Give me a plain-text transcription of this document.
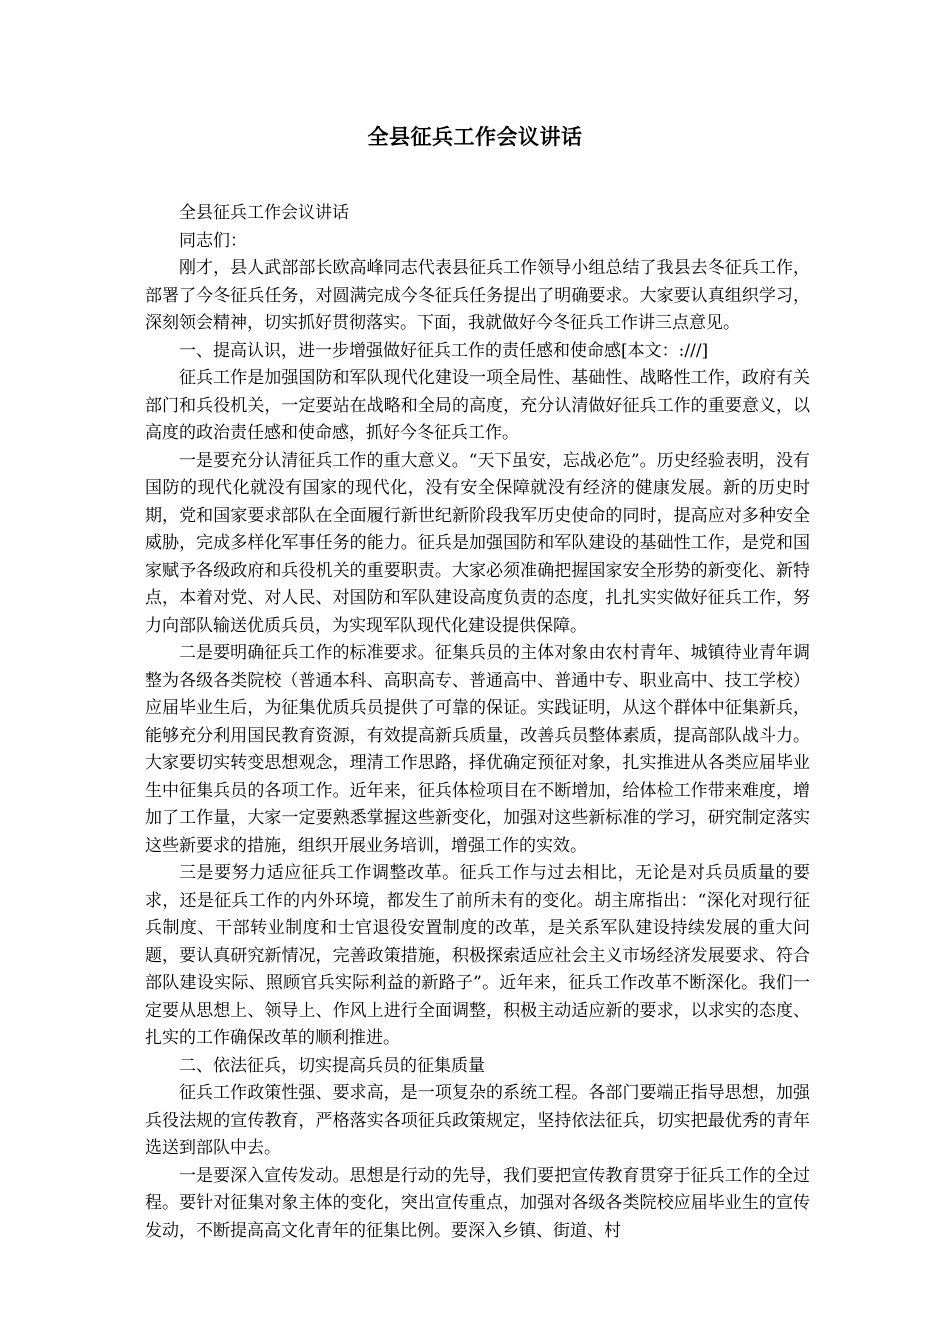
全县征兵工作会议讲话

全县征兵工作会议讲话

同志们：

刚才，县人武部部长欧高峰同志代表县征兵工作领导小组总结了我县去冬征兵工作，部署了今冬征兵任务，对圆满完成今冬征兵任务提出了明确要求。大家要认真组织学习，深刻领会精神，切实抓好贯彻落实。下面，我就做好今冬征兵工作讲三点意见。

一、提高认识，进一步增强做好征兵工作的责任感和使命感[本文：:///]

征兵工作是加强国防和军队现代化建设一项全局性、基础性、战略性工作，政府有关部门和兵役机关，一定要站在战略和全局的高度，充分认清做好征兵工作的重要意义，以高度的政治责任感和使命感，抓好今冬征兵工作。

一是要充分认清征兵工作的重大意义。“天下虽安，忘战必危”。历史经验表明，没有国防的现代化就没有国家的现代化，没有安全保障就没有经济的健康发展。新的历史时期，党和国家要求部队在全面履行新世纪新阶段我军历史使命的同时，提高应对多种安全威胁，完成多样化军事任务的能力。征兵是加强国防和军队建设的基础性工作，是党和国家赋予各级政府和兵役机关的重要职责。大家必须准确把握国家安全形势的新变化、新特点，本着对党、对人民、对国防和军队建设高度负责的态度，扎扎实实做好征兵工作，努力向部队输送优质兵员，为实现军队现代化建设提供保障。

二是要明确征兵工作的标准要求。征集兵员的主体对象由农村青年、城镇待业青年调整为各级各类院校（普通本科、高职高专、普通高中、普通中专、职业高中、技工学校）应届毕业生后，为征集优质兵员提供了可靠的保证。实践证明，从这个群体中征集新兵，能够充分利用国民教育资源，有效提高新兵质量，改善兵员整体素质，提高部队战斗力。大家要切实转变思想观念，理清工作思路，择优确定预征对象，扎实推进从各类应届毕业生中征集兵员的各项工作。近年来，征兵体检项目在不断增加，给体检工作带来难度，增加了工作量，大家一定要熟悉掌握这些新变化，加强对这些新标准的学习，研究制定落实这些新要求的措施，组织开展业务培训，增强工作的实效。

三是要努力适应征兵工作调整改革。征兵工作与过去相比，无论是对兵员质量的要求，还是征兵工作的内外环境，都发生了前所未有的变化。胡主席指出：“深化对现行征兵制度、干部转业制度和士官退役安置制度的改革，是关系军队建设持续发展的重大问题，要认真研究新情况，完善政策措施，积极探索适应社会主义市场经济发展要求、符合部队建设实际、照顾官兵实际利益的新路子”。近年来，征兵工作改革不断深化。我们一定要从思想上、领导上、作风上进行全面调整，积极主动适应新的要求，以求实的态度、扎实的工作确保改革的顺利推进。

二、依法征兵，切实提高兵员的征集质量

征兵工作政策性强、要求高，是一项复杂的系统工程。各部门要端正指导思想，加强兵役法规的宣传教育，严格落实各项征兵政策规定，坚持依法征兵，切实把最优秀的青年选送到部队中去。

一是要深入宣传发动。思想是行动的先导，我们要把宣传教育贯穿于征兵工作的全过程。要针对征集对象主体的变化，突出宣传重点，加强对各级各类院校应届毕业生的宣传发动，不断提高高文化青年的征集比例。要深入乡镇、街道、村
